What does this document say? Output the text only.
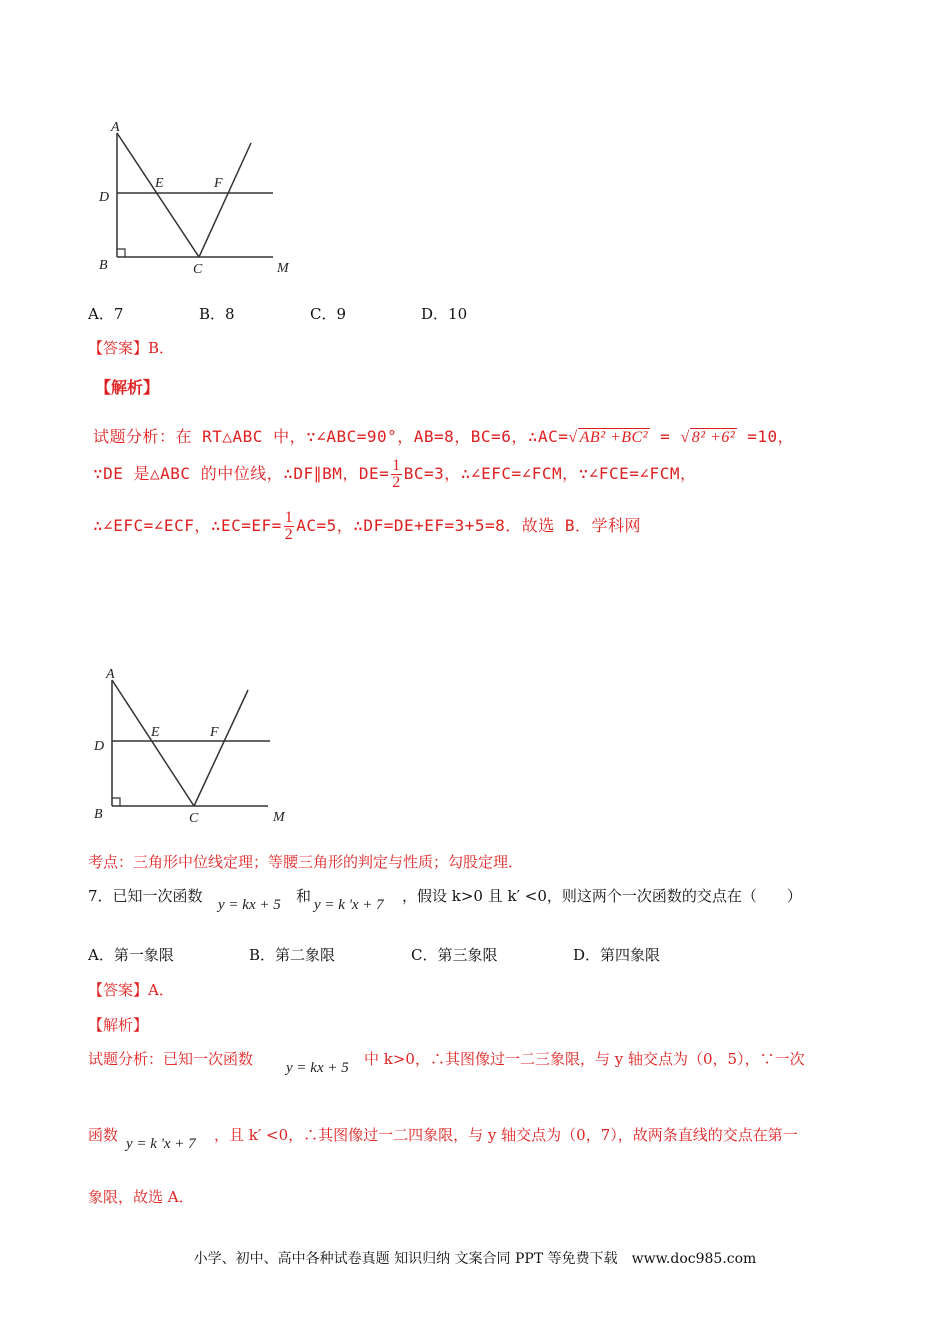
A
D
B	C	M
E	F
A．7	B．8	C．9	D．10
【答案】B．
【解析】
试题分析：在 RT△ABC 中，∵∠ABC=90°，AB=8，BC=6，∴AC=√ AB² +BC² = √ 8² +6² =10，
∵DE 是△ABC 的中位线，∴DF∥BM，$DE= \frac{1}{2} BC=3$，∴∠EFC=∠FCM，∵∠FCE=∠FCM，
∴∠EFC=∠ECF，∴EC=EF= $\frac{1}{2} AC=5$，∴DF=DE+EF=3+5=8．故选 B．学科网
A
D
B	C	M
E	F
考点：三角形中位线定理；等腰三角形的判定与性质；勾股定理．
7．已知一次函数 y = kx + 5 和 y = k 'x + 7 ，假设 k>0 且 k′ <0，则这两个一次函数的交点在（　　）
A．第一象限	B．第二象限	C．第三象限	D．第四象限
【答案】A．
【解析】
试题分析：已知一次函数 y = kx + 5 中 k>0，∴其图像过一二三象限，与 y 轴交点为（0，5），∵一次
函数 y = k 'x + 7 ，且 k′ <0，∴其图像过一二四象限，与 y 轴交点为（0，7），故两条直线的交点在第一
象限，故选 A．
小学、初中、高中各种试卷真题 知识归纳 文案合同 PPT 等免费下载　www.doc985.com
